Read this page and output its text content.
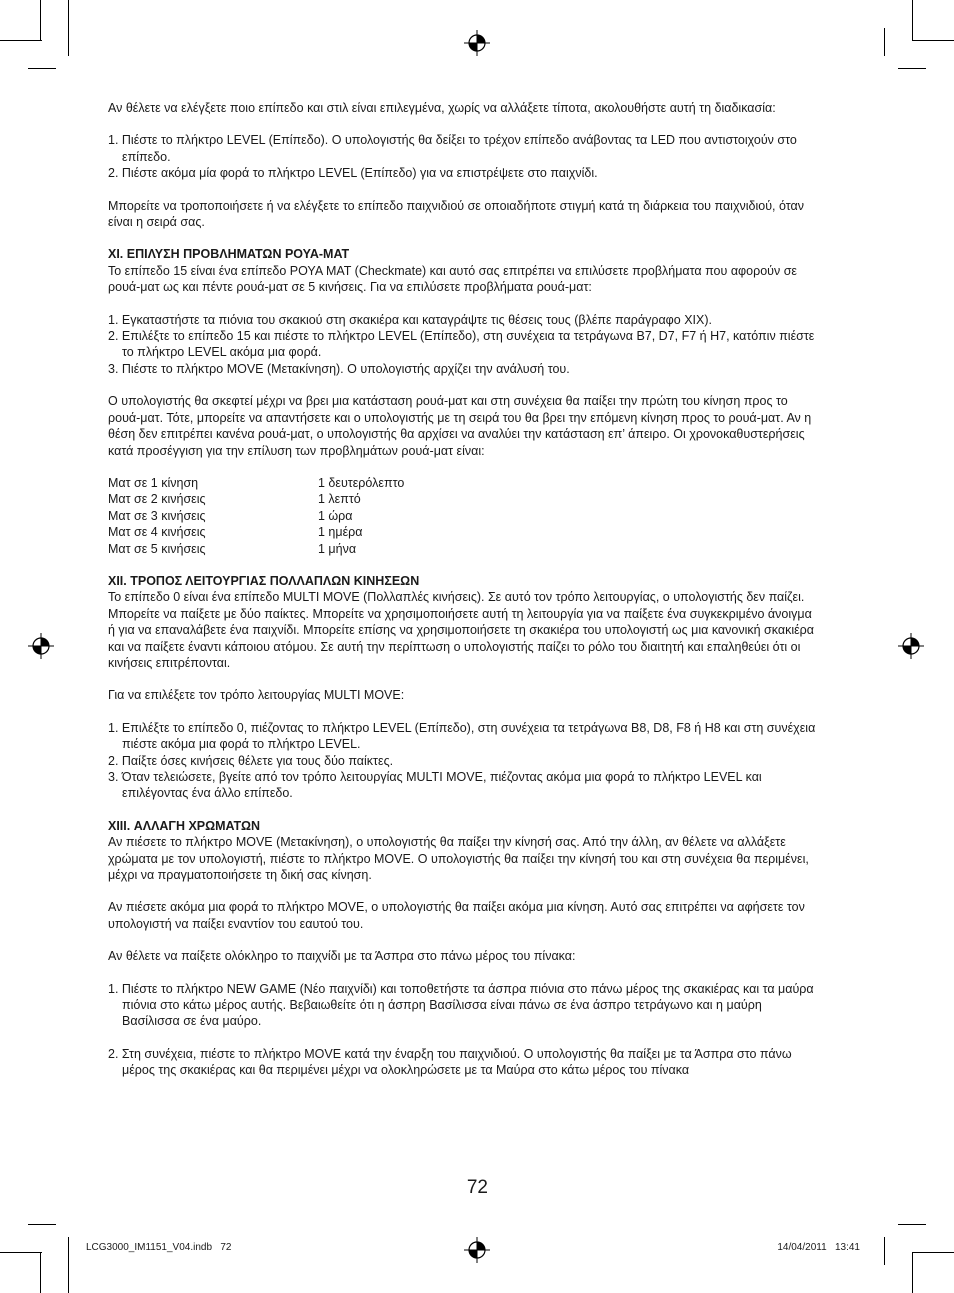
Αν θέλετε να ελέγξετε ποιο επίπεδο και στιλ είναι επιλεγμένα, χωρίς να αλλάξετε τίποτα, ακολουθήστε αυτή τη διαδικασία:

1. Πιέστε το πλήκτρο LEVEL (Επίπεδο). Ο υπολογιστής θα δείξει το τρέχον επίπεδο ανάβοντας τα LED που αντιστοιχούν στο επίπεδο.
2. Πιέστε ακόμα μία φορά το πλήκτρο LEVEL (Επίπεδο) για να επιστρέψετε στο παιχνίδι.

Μπορείτε να τροποποιήσετε ή να ελέγξετε το επίπεδο παιχνιδιού σε οποιαδήποτε στιγμή κατά τη διάρκεια του παιχνιδιού, όταν είναι η σειρά σας.

XI. ΕΠΙΛΥΣΗ ΠΡΟΒΛΗΜΑΤΩΝ ΡΟΥΑ-ΜΑΤ

Το επίπεδο 15 είναι ένα επίπεδο ΡΟΥΑ ΜΑΤ (Checkmate) και αυτό σας επιτρέπει να επιλύσετε προβλήματα που αφορούν σε ρουά-ματ ως και πέντε ρουά-ματ σε 5 κινήσεις. Για να επιλύσετε προβλήματα ρουά-ματ:

1. Εγκαταστήστε τα πιόνια του σκακιού στη σκακιέρα και καταγράψτε τις θέσεις τους (βλέπε παράγραφο XIX).
2. Επιλέξτε το επίπεδο 15 και πιέστε το πλήκτρο LEVEL (Επίπεδο), στη συνέχεια τα τετράγωνα B7, D7, F7 ή H7, κατόπιν πιέστε το πλήκτρο LEVEL ακόμα μια φορά.
3. Πιέστε το πλήκτρο MOVE (Μετακίνηση). Ο υπολογιστής αρχίζει την ανάλυσή του.

Ο υπολογιστής θα σκεφτεί μέχρι να βρει μια κατάσταση ρουά-ματ και στη συνέχεια θα παίξει την πρώτη του κίνηση προς το ρουά-ματ. Τότε, μπορείτε να απαντήσετε και ο υπολογιστής με τη σειρά του θα βρει την επόμενη κίνηση προς το ρουά-ματ. Αν η θέση δεν επιτρέπει κανένα ρουά-ματ, ο υπολογιστής θα αρχίσει να αναλύει την κατάσταση επ’ άπειρο. Οι χρονοκαθυστερήσεις κατά προσέγγιση για την επίλυση των προβλημάτων ρουά-ματ είναι:

Ματ σε 1 κίνηση	1 δευτερόλεπτο
Ματ σε 2 κινήσεις	1 λεπτό
Ματ σε 3 κινήσεις	1 ώρα
Ματ σε 4 κινήσεις	1 ημέρα
Ματ σε 5 κινήσεις	1 μήνα

XII. ΤΡΟΠΟΣ ΛΕΙΤΟΥΡΓΙΑΣ ΠΟΛΛΑΠΛΩΝ ΚΙΝΗΣΕΩΝ

Το επίπεδο 0 είναι ένα επίπεδο MULTI MOVE (Πολλαπλές κινήσεις). Σε αυτό τον τρόπο λειτουργίας, ο υπολογιστής δεν παίζει. Μπορείτε να παίξετε με δύο παίκτες. Μπορείτε να χρησιμοποιήσετε αυτή τη λειτουργία για να παίξετε ένα συγκεκριμένο άνοιγμα ή για να επαναλάβετε ένα παιχνίδι. Μπορείτε επίσης να χρησιμοποιήσετε τη σκακιέρα του υπολογιστή ως μια κανονική σκακιέρα και να παίξετε έναντι κάποιου ατόμου. Σε αυτή την περίπτωση ο υπολογιστής παίζει το ρόλο του διαιτητή και επαληθεύει ότι οι κινήσεις επιτρέπονται.

Για να επιλέξετε τον τρόπο λειτουργίας MULTI MOVE:

1. Επιλέξτε το επίπεδο 0, πιέζοντας το πλήκτρο LEVEL (Επίπεδο), στη συνέχεια τα τετράγωνα B8, D8, F8 ή H8 και στη συνέχεια πιέστε ακόμα μια φορά το πλήκτρο LEVEL.
2. Παίξτε όσες κινήσεις θέλετε για τους δύο παίκτες.
3. Όταν τελειώσετε, βγείτε από τον τρόπο λειτουργίας MULTI MOVE, πιέζοντας ακόμα μια φορά το πλήκτρο LEVEL και επιλέγοντας ένα άλλο επίπεδο.

XIII. ΑΛΛΑΓΗ ΧΡΩΜΑΤΩΝ

Αν πιέσετε το πλήκτρο MOVE (Μετακίνηση), ο υπολογιστής θα παίξει την κίνησή σας. Από την άλλη, αν θέλετε να αλλάξετε χρώματα με τον υπολογιστή, πιέστε το πλήκτρο MOVE. Ο υπολογιστής θα παίξει την κίνησή του και στη συνέχεια θα περιμένει, μέχρι να πραγματοποιήσετε τη δική σας κίνηση.

Αν πιέσετε ακόμα μια φορά το πλήκτρο MOVE, ο υπολογιστής θα παίξει ακόμα μια κίνηση. Αυτό σας επιτρέπει να αφήσετε τον υπολογιστή να παίξει εναντίον του εαυτού του.

Αν θέλετε να παίξετε ολόκληρο το παιχνίδι με τα Άσπρα στο πάνω μέρος του πίνακα:

1. Πιέστε το πλήκτρο NEW GAME (Νέο παιχνίδι) και τοποθετήστε τα άσπρα πιόνια στο πάνω μέρος της σκακιέρας και τα μαύρα πιόνια στο κάτω μέρος αυτής. Βεβαιωθείτε ότι η άσπρη Βασίλισσα είναι πάνω σε ένα άσπρο τετράγωνο και η μαύρη Βασίλισσα σε ένα μαύρο.
2. Στη συνέχεια, πιέστε το πλήκτρο MOVE κατά την έναρξη του παιχνιδιού. Ο υπολογιστής θα παίξει με τα Άσπρα στο πάνω μέρος της σκακιέρας και θα περιμένει μέχρι να ολοκληρώσετε με τα Μαύρα στο κάτω μέρος του πίνακα
72
LCG3000_IM1151_V04.indb   72	14/04/2011   13:41
